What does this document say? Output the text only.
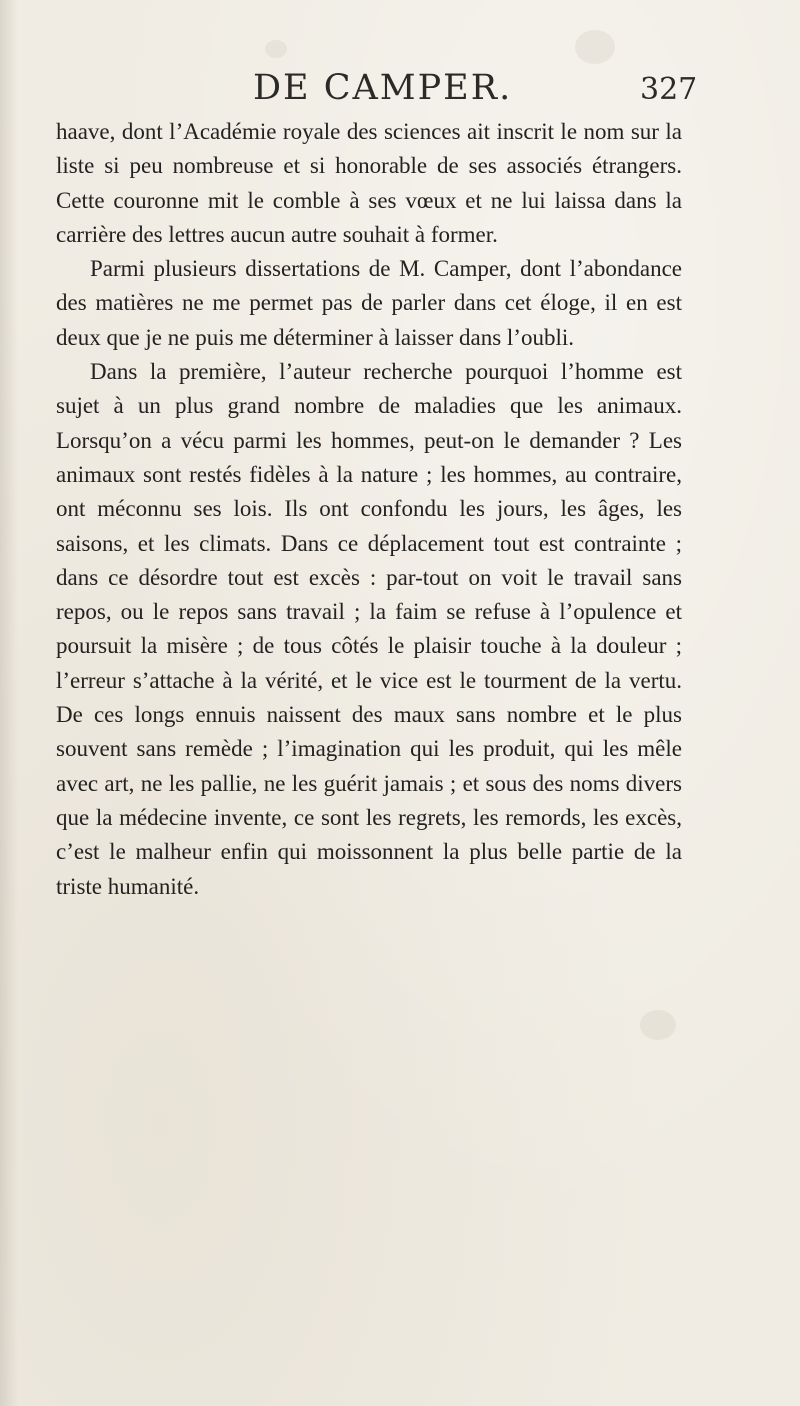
DE CAMPER.	327

haave, dont l’Académie royale des sciences ait inscrit le nom sur la liste si peu nombreuse et si honorable de ses associés étrangers. Cette couronne mit le comble à ses vœux et ne lui laissa dans la carrière des lettres aucun autre souhait à former.

Parmi plusieurs dissertations de M. Camper, dont l’abondance des matières ne me permet pas de parler dans cet éloge, il en est deux que je ne puis me déterminer à laisser dans l’oubli.

Dans la première, l’auteur recherche pourquoi l’homme est sujet à un plus grand nombre de maladies que les animaux. Lorsqu’on a vécu parmi les hommes, peut-on le demander ? Les animaux sont restés fidèles à la nature ; les hommes, au contraire, ont méconnu ses lois. Ils ont confondu les jours, les âges, les saisons, et les climats. Dans ce déplacement tout est contrainte ; dans ce désordre tout est excès : par-tout on voit le travail sans repos, ou le repos sans travail ; la faim se refuse à l’opulence et poursuit la misère ; de tous côtés le plaisir touche à la douleur ; l’erreur s’attache à la vérité, et le vice est le tourment de la vertu. De ces longs ennuis naissent des maux sans nombre et le plus souvent sans remède ; l’imagination qui les produit, qui les mêle avec art, ne les pallie, ne les guérit jamais ; et sous des noms divers que la médecine invente, ce sont les regrets, les remords, les excès, c’est le malheur enfin qui moissonnent la plus belle partie de la triste humanité.
